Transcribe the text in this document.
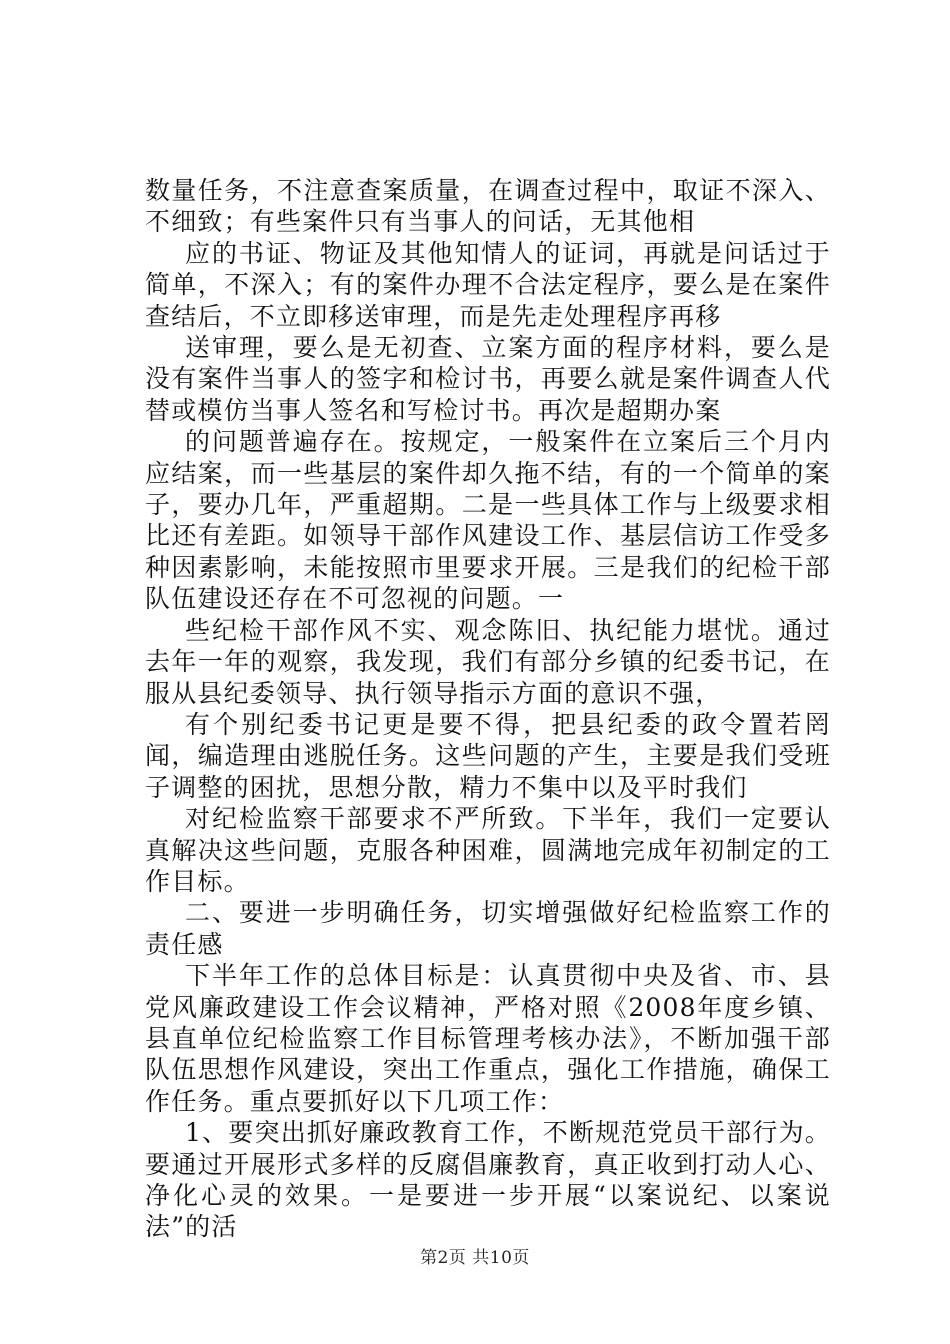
数量任务，不注意查案质量，在调查过程中，取证不深入、不细致；有些案件只有当事人的问话，无其他相

应的书证、物证及其他知情人的证词，再就是问话过于简单，不深入；有的案件办理不合法定程序，要么是在案件查结后，不立即移送审理，而是先走处理程序再移

送审理，要么是无初查、立案方面的程序材料，要么是没有案件当事人的签字和检讨书，再要么就是案件调查人代替或模仿当事人签名和写检讨书。再次是超期办案

的问题普遍存在。按规定，一般案件在立案后三个月内应结案，而一些基层的案件却久拖不结，有的一个简单的案子，要办几年，严重超期。二是一些具体工作与上级要求相比还有差距。如领导干部作风建设工作、基层信访工作受多种因素影响，未能按照市里要求开展。三是我们的纪检干部队伍建设还存在不可忽视的问题。一

些纪检干部作风不实、观念陈旧、执纪能力堪忧。通过去年一年的观察，我发现，我们有部分乡镇的纪委书记，在服从县纪委领导、执行领导指示方面的意识不强，

有个别纪委书记更是要不得，把县纪委的政令置若罔闻，编造理由逃脱任务。这些问题的产生，主要是我们受班子调整的困扰，思想分散，精力不集中以及平时我们

对纪检监察干部要求不严所致。下半年，我们一定要认真解决这些问题，克服各种困难，圆满地完成年初制定的工作目标。

二、要进一步明确任务，切实增强做好纪检监察工作的责任感

下半年工作的总体目标是：认真贯彻中央及省、市、县党风廉政建设工作会议精神，严格对照《2008年度乡镇、县直单位纪检监察工作目标管理考核办法》，不断加强干部队伍思想作风建设，突出工作重点，强化工作措施，确保工作任务。重点要抓好以下几项工作：

1、要突出抓好廉政教育工作，不断规范党员干部行为。要通过开展形式多样的反腐倡廉教育，真正收到打动人心、净化心灵的效果。一是要进一步开展“以案说纪、以案说法”的活

第2页 共10页
